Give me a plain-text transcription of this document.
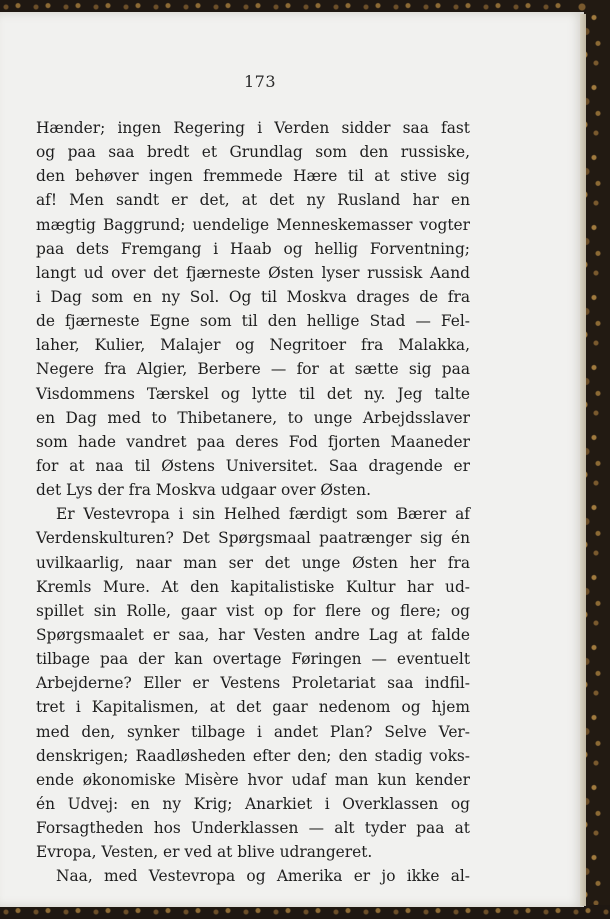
173
Hænder; ingen Regering i Verden sidder saa fast
og paa saa bredt et Grundlag som den russiske,
den behøver ingen fremmede Hære til at stive sig
af! Men sandt er det, at det ny Rusland har en
mægtig Baggrund; uendelige Menneskemasser vogter
paa dets Fremgang i Haab og hellig Forventning;
langt ud over det fjærneste Østen lyser russisk Aand
i Dag som en ny Sol. Og til Moskva drages de fra
de fjærneste Egne som til den hellige Stad — Fel-
laher, Kulier, Malajer og Negritoer fra Malakka,
Negere fra Algier, Berbere — for at sætte sig paa
Visdommens Tærskel og lytte til det ny. Jeg talte
en Dag med to Thibetanere, to unge Arbejdsslaver
som hade vandret paa deres Fod fjorten Maaneder
for at naa til Østens Universitet. Saa dragende er
det Lys der fra Moskva udgaar over Østen.
Er Vestevropa i sin Helhed færdigt som Bærer af
Verdenskulturen? Det Spørgsmaal paatrænger sig én
uvilkaarlig, naar man ser det unge Østen her fra
Kremls Mure. At den kapitalistiske Kultur har ud-
spillet sin Rolle, gaar vist op for flere og flere; og
Spørgsmaalet er saa, har Vesten andre Lag at falde
tilbage paa der kan overtage Føringen — eventuelt
Arbejderne? Eller er Vestens Proletariat saa indfil-
tret i Kapitalismen, at det gaar nedenom og hjem
med den, synker tilbage i andet Plan? Selve Ver-
denskrigen; Raadløsheden efter den; den stadig voks-
ende økonomiske Misère hvor udaf man kun kender
én Udvej: en ny Krig; Anarkiet i Overklassen og
Forsagtheden hos Underklassen — alt tyder paa at
Evropa, Vesten, er ved at blive udrangeret.
Naa, med Vestevropa og Amerika er jo ikke al-
